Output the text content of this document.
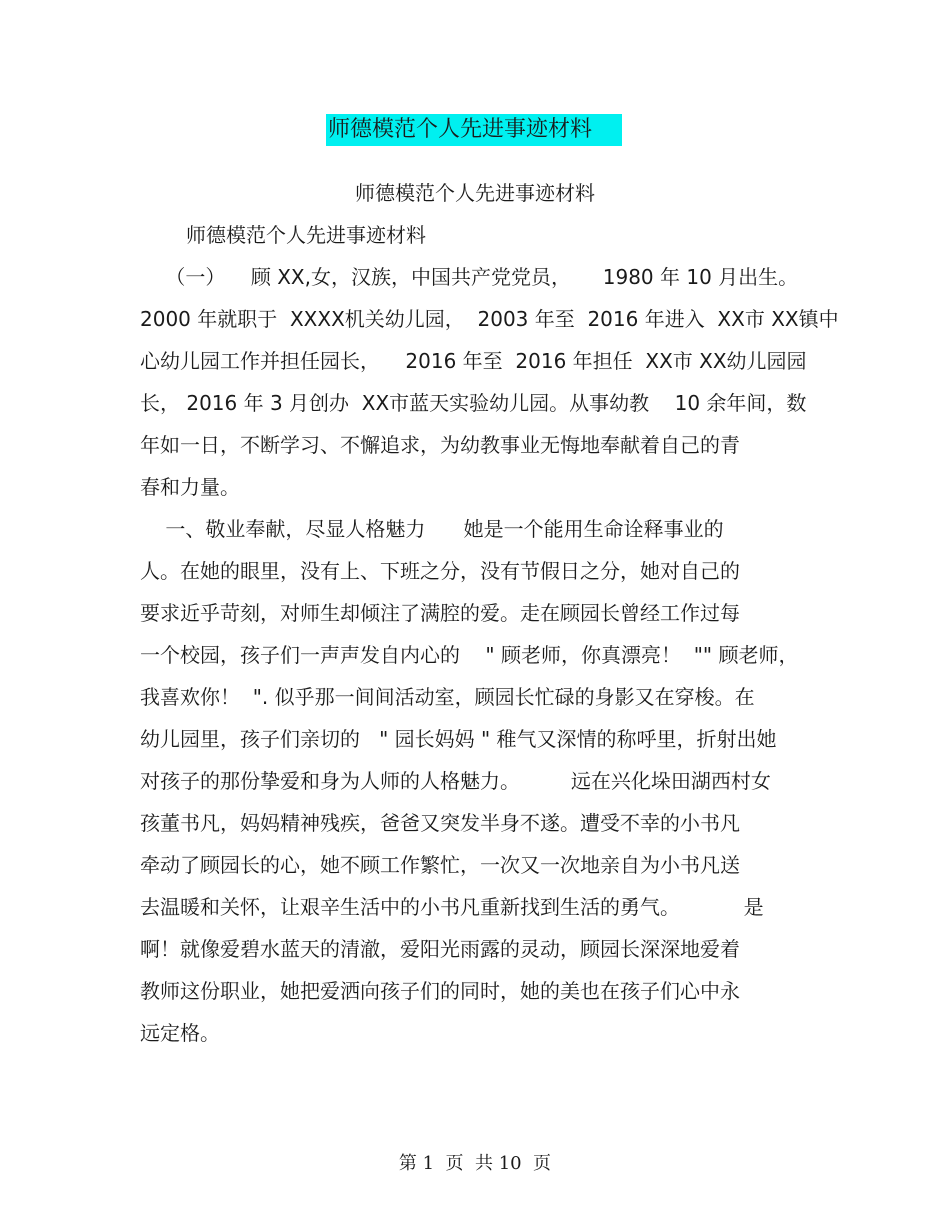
师德模范个人先进事迹材料
师德模范个人先进事迹材料
师德模范个人先进事迹材料
（一）    顾 XX,女，汉族，中国共产党党员，     1980 年 10 月出生。
2000 年就职于  XXXX机关幼儿园，  2003 年至  2016 年进入  XX市 XX镇中
心幼儿园工作并担任园长，    2016 年至  2016 年担任  XX市 XX幼儿园园
长， 2016 年 3 月创办  XX市蓝天实验幼儿园。从事幼教    10 余年间，数
年如一日，不断学习、不懈追求，为幼教事业无悔地奉献着自己的青
春和力量。
一、敬业奉献，尽显人格魅力      她是一个能用生命诠释事业的
人。在她的眼里，没有上、下班之分，没有节假日之分，她对自己的
要求近乎苛刻，对师生却倾注了满腔的爱。走在顾园长曾经工作过每
一个校园，孩子们一声声发自内心的    " 顾老师，你真漂亮！  "" 顾老师，
我喜欢你！  ". 似乎那一间间活动室，顾园长忙碌的身影又在穿梭。在
幼儿园里，孩子们亲切的   " 园长妈妈 " 稚气又深情的称呼里，折射出她
对孩子的那份挚爱和身为人师的人格魅力。        远在兴化垛田湖西村女
孩董书凡，妈妈精神残疾，爸爸又突发半身不遂。遭受不幸的小书凡
牵动了顾园长的心，她不顾工作繁忙，一次又一次地亲自为小书凡送
去温暖和关怀，让艰辛生活中的小书凡重新找到生活的勇气。          是
啊！就像爱碧水蓝天的清澈，爱阳光雨露的灵动，顾园长深深地爱着
教师这份职业，她把爱洒向孩子们的同时，她的美也在孩子们心中永
远定格。
第 1  页  共 10  页
